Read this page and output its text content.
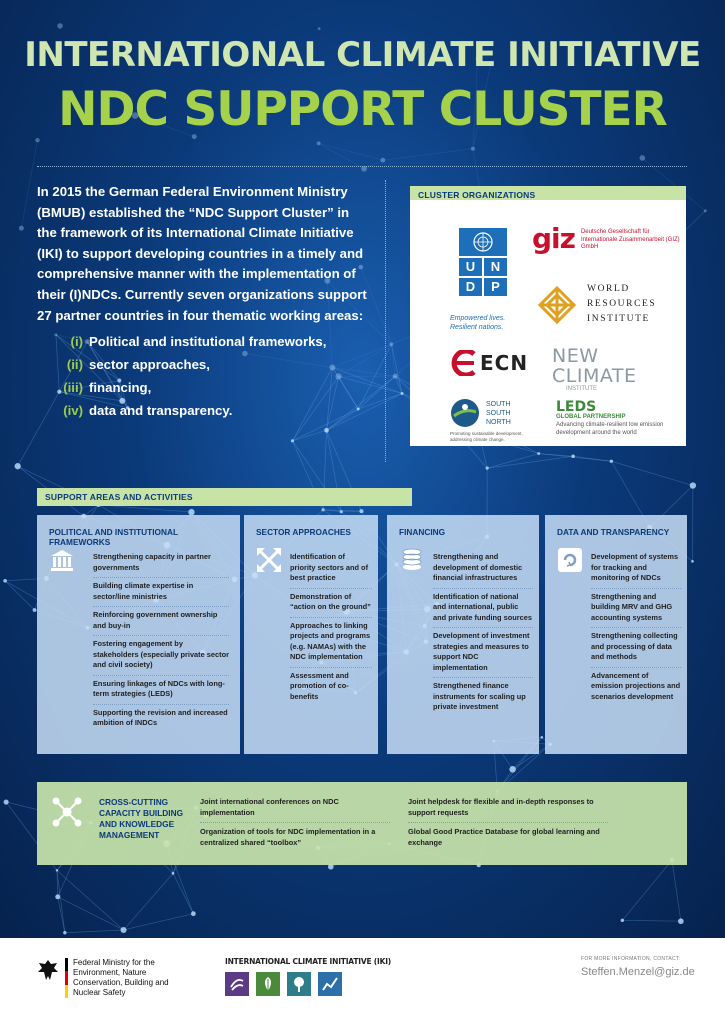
INTERNATIONAL CLIMATE INITIATIVE
NDC SUPPORT CLUSTER

In 2015 the German Federal Environment Ministry (BMUB) established the “NDC Support Cluster” in the framework of its International Climate Initiative (IKI) to support developing countries in a timely and comprehensive manner with the implementation of their (I)NDCs. Currently seven organizations support 27 partner countries in four thematic working areas:

(i) Political and institutional frameworks,
(ii) sector approaches,
(iii) financing,
(iv) data and transparency.
CLUSTER ORGANIZATIONS
U	N
D	P
Empowered lives.
Resilient nations.
giz Deutsche Gesellschaft für Internationale Zusammenarbeit (GIZ) GmbH
WORLD
RESOURCES
INSTITUTE
ECN NEW CLIMATE
INSTITUTE
SOUTH
SOUTH
NORTH
Promoting sustainable development, addressing climate change.
LEDS
GLOBAL PARTNERSHIP
Advancing climate-resilient low emission development around the world
SUPPORT AREAS AND ACTIVITIES
POLITICAL AND INSTITUTIONAL FRAMEWORKS
Strengthening capacity in partner governments
Building climate expertise in sector/line ministries
Reinforcing government ownership and buy-in
Fostering engagement by stakeholders (especially private sector and civil society)
Ensuring linkages of NDCs with long-term strategies (LEDS)
Supporting the revision and increased ambition of INDCs
SECTOR APPROACHES
Identification of priority sectors and of best practice
Demonstration of “action on the ground”
Approaches to linking projects and programs (e.g. NAMAs) with the NDC implementation
Assessment and promotion of co-benefits
FINANCING
Strengthening and development of domestic financial infrastructures
Identification of national and international, public and private funding sources
Development of investment strategies and measures to support NDC implementation
Strengthened finance instruments for scaling up private investment
DATA AND TRANSPARENCY
Development of systems for tracking and monitoring of NDCs
Strengthening and building MRV and GHG accounting systems
Strengthening collecting and processing of data and methods
Advancement of emission projections and scenarios development
CROSS-CUTTING CAPACITY BUILDING AND KNOWLEDGE MANAGEMENT
Joint international conferences on NDC implementation
Organization of tools for NDC implementation in a centralized shared “toolbox”
Joint helpdesk for flexible and in-depth responses to support requests
Global Good Practice Database for global learning and exchange
Federal Ministry for the Environment, Nature Conservation, Building and Nuclear Safety
INTERNATIONAL CLIMATE INITIATIVE (IKI)	FOR MORE INFORMATION, CONTACT:
Steffen.Menzel@giz.de
